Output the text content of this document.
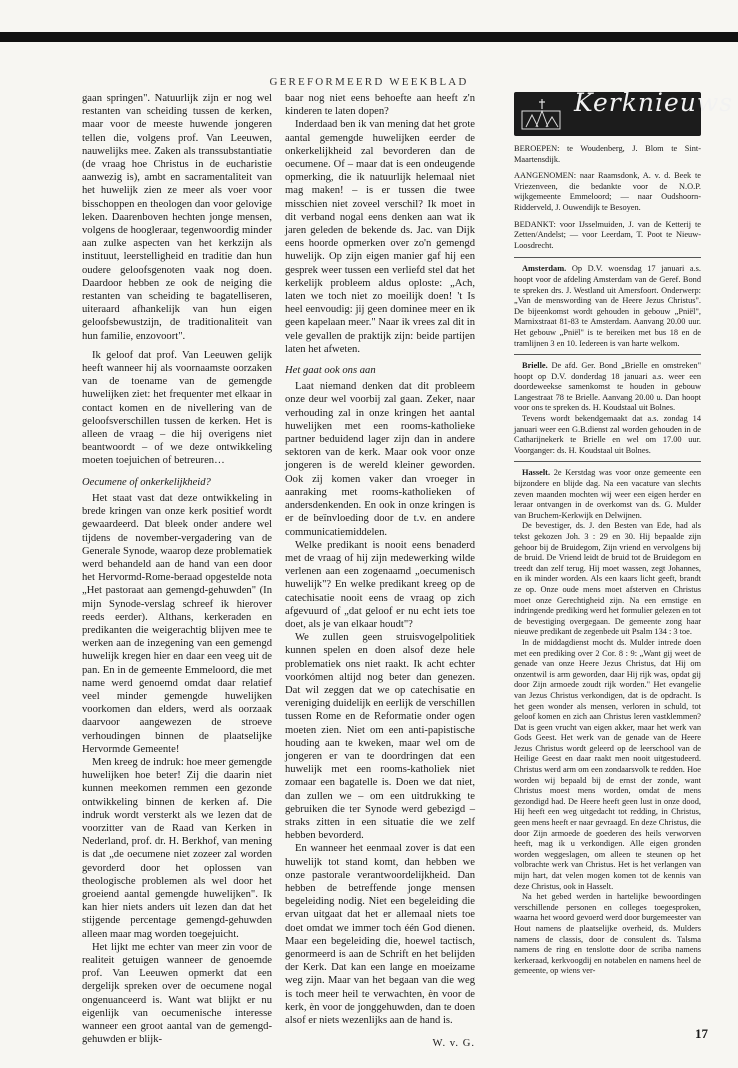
GEREFORMEERD WEEKBLAD

gaan springen". Natuurlijk zijn er nog wel restanten van scheiding tussen de kerken, maar voor de meeste huwende jongeren tellen die, volgens prof. Van Leeuwen, nauwelijks mee. Zaken als transsubstantiatie (de vraag hoe Christus in de eucharistie aanwezig is), ambt en sacramentaliteit van het huwelijk zien ze meer als voer voor bisschoppen en theologen dan voor gelovige leken. Daarenboven hechten jonge mensen, volgens de hoogleraar, tegenwoordig minder aan zulke aspecten van het kerkzijn als instituut, leerstelligheid en traditie dan hun oudere geloofsgenoten vaak nog doen. Daardoor hebben ze ook de neiging die restanten van scheiding te bagatelliseren, uiteraard afhankelijk van hun eigen geloofsbewustzijn, de traditionaliteit van hun familie, enzovoort".

Ik geloof dat prof. Van Leeuwen gelijk heeft wanneer hij als voornaamste oorzaken van de toename van de gemengde huwelijken ziet: het frequenter met elkaar in contact komen en de nivellering van de geloofsverschillen tussen de kerken. Het is alleen de vraag – die hij overigens niet beantwoordt – of we deze ontwikkeling moeten toejuichen of betreuren…

Oecumene of onkerkelijkheid?

Het staat vast dat deze ontwikkeling in brede kringen van onze kerk positief wordt gewaardeerd. Dat bleek onder andere wel tijdens de november-vergadering van de Generale Synode, waarop deze problematiek werd behandeld aan de hand van een door het Hervormd-Rome-beraad opgestelde nota „Het pastoraat aan gemengd-gehuwden" (In mijn Synode-verslag schreef ik hierover reeds eerder). Althans, kerkeraden en predikanten die weigerachtig blijven mee te werken aan de inzegening van een gemengd huwelijk kregen hier en daar een veeg uit de pan. En in de gemeente Emmeloord, die met name werd genoemd omdat daar relatief veel minder gemengde huwelijken voorkomen dan elders, werd als oorzaak daarvoor aangewezen de stroeve verhoudingen binnen de plaatselijke Hervormde Gemeente!

Men kreeg de indruk: hoe meer gemengde huwelijken hoe beter! Zij die daarin niet kunnen meekomen remmen een gezonde ontwikkeling binnen de kerken af. Die indruk wordt versterkt als we lezen dat de voorzitter van de Raad van Kerken in Nederland, prof. dr. H. Berkhof, van mening is dat „de oecumene niet zozeer zal worden gevorderd door het oplossen van theologische problemen als wel door het groeiend aantal gemengde huwelijken". Ik kan hier niets anders uit lezen dan dat het stijgende percentage gemengd-gehuwden alleen maar mag worden toegejuicht.

Het lijkt me echter van meer zin voor de realiteit getuigen wanneer de genoemde prof. Van Leeuwen opmerkt dat een dergelijk spreken over de oecumene nogal ongenuanceerd is. Want wat blijkt er nu eigenlijk van oecumenische interesse wanneer een groot aantal van de gemengd-gehuwden er blijk-

baar nog niet eens behoefte aan heeft z'n kinderen te laten dopen?

Inderdaad ben ik van mening dat het grote aantal gemengde huwelijken eerder de onkerkelijkheid zal bevorderen dan de oecumene. Of – maar dat is een ondeugende opmerking, die ik natuurlijk helemaal niet mag maken! – is er tussen die twee misschien niet zoveel verschil? Ik moet in dit verband nogal eens denken aan wat ik jaren geleden de bekende ds. Jac. van Dijk eens hoorde opmerken over zo'n gemengd huwelijk. Op zijn eigen manier gaf hij een gesprek weer tussen een verliefd stel dat het kerkelijk probleem aldus oploste: „Ach, laten we toch niet zo moeilijk doen! 't Is heel eenvoudig: jij geen dominee meer en ik geen kapelaan meer." Naar ik vrees zal dit in vele gevallen de praktijk zijn: beide partijen laten het afweten.

Het gaat ook ons aan

Laat niemand denken dat dit probleem onze deur wel voorbij zal gaan. Zeker, naar verhouding zal in onze kringen het aantal huwelijken met een rooms-katholieke partner beduidend lager zijn dan in andere sektoren van de kerk. Maar ook voor onze jongeren is de wereld kleiner geworden. Ook zij komen vaker dan vroeger in aanraking met rooms-katholieken of andersdenkenden. En ook in onze kringen is er de beïnvloeding door de t.v. en andere communicatiemiddelen.

Welke predikant is nooit eens benaderd met de vraag of hij zijn medewerking wilde verlenen aan een zogenaamd „oecumenisch huwelijk"? En welke predikant kreeg op de catechisatie nooit eens de vraag op zich afgevuurd of „dat geloof er nu echt iets toe doet, als je van elkaar houdt"?

We zullen geen struisvogelpolitiek kunnen spelen en doen alsof deze hele problematiek ons niet raakt. Ik acht echter voorkómen altijd nog beter dan genezen. Dat wil zeggen dat we op catechisatie en vereniging duidelijk en eerlijk de verschillen tussen Rome en de Reformatie onder ogen moeten zien. Niet om een anti-papistische houding aan te kweken, maar wel om de jongeren er van te doordringen dat een huwelijk met een rooms-katholiek niet zomaar een bagatelle is. Doen we dat niet, dan zullen we – om een uitdrukking te gebruiken die ter Synode werd gebezigd – straks zitten in een situatie die we zelf hebben bevorderd.

En wanneer het eenmaal zover is dat een huwelijk tot stand komt, dan hebben we onze pastorale verantwoordelijkheid. Dan hebben de betreffende jonge mensen begeleiding nodig. Niet een begeleiding die ervan uitgaat dat het er allemaal niets toe doet omdat we immer toch één God dienen. Maar een begeleiding die, hoewel tactisch, genormeerd is aan de Schrift en het belijden der Kerk. Dat kan een lange en moeizame weg zijn. Maar van het begaan van die weg is toch meer heil te verwachten, èn voor de kerk, èn voor de jonggehuwden, dan te doen alsof er niets wezenlijks aan de hand is.

W. v. G.

Kerknieuws

BEROEPEN: te Woudenberg, J. Blom te Sint-Maartensdijk.

AANGENOMEN: naar Raamsdonk, A. v. d. Beek te Vriezenveen, die bedankte voor de N.O.P. wijkgemeente Emmeloord; — naar Oudshoorn-Ridderveld, J. Ouwendijk te Besoyen.

BEDANKT: voor IJsselmuiden, J. van de Ketterij te Zetten/Andelst; — voor Leerdam, T. Poot te Nieuw-Loosdrecht.

Amsterdam. Op D.V. woensdag 17 januari a.s. hoopt voor de afdeling Amsterdam van de Geref. Bond te spreken drs. J. Westland uit Amersfoort. Onderwerp: „Van de menswording van de Heere Jezus Christus". De bijeenkomst wordt gehouden in gebouw „Pniël", Marnixstraat 81-83 te Amsterdam. Aanvang 20.00 uur. Het gebouw „Pniël" is te bereiken met bus 18 en de tramlijnen 3 en 10. Iedereen is van harte welkom.

Brielle. De afd. Ger. Bond „Brielle en omstreken" hoopt op D.V. donderdag 18 januari a.s. weer een doordeweekse samenkomst te houden in gebouw Langestraat 78 te Brielle. Aanvang 20.00 u. Dan hoopt voor ons te spreken ds. H. Koudstaal uit Bolnes.

Tevens wordt bekendgemaakt dat a.s. zondag 14 januari weer een G.B.dienst zal worden gehouden in de Catharijnekerk te Brielle en wel om 17.00 uur. Voorganger: ds. H. Koudstaal uit Bolnes.

Hasselt. 2e Kerstdag was voor onze gemeente een bijzondere en blijde dag. Na een vacature van slechts zeven maanden mochten wij weer een eigen herder en leraar ontvangen in de overkomst van ds. G. Mulder van Bruchem-Kerkwijk en Delwijnen.

De bevestiger, ds. J. den Besten van Ede, had als tekst gekozen Joh. 3 : 29 en 30. Hij bepaalde zijn gehoor bij de Bruidegom, Zijn vriend en vervolgens bij de bruid. De Vriend leidt de bruid tot de Bruidegom en treedt dan zelf terug. Hij moet wassen, zegt Johannes, en ik minder worden. Als een kaars licht geeft, brandt ze op. Onze oude mens moet afsterven en Christus moet onze Gerechtigheid zijn. Na een ernstige en indringende prediking werd het formulier gelezen en tot de bevestiging overgegaan. De gemeente zong haar nieuwe predikant de zegenbede uit Psalm 134 : 3 toe.

In de middagdienst mocht ds. Mulder intrede doen met een prediking over 2 Cor. 8 : 9: „Want gij weet de genade van onze Heere Jezus Christus, dat Hij om onzentwil is arm geworden, daar Hij rijk was, opdat gij door Zijn armoede zoudt rijk worden." Het evangelie van Jezus Christus verkondigen, dat is de opdracht. Is het geen wonder als mensen, verloren in schuld, tot geloof komen en zich aan Christus leren vastklemmen? Dat is geen vrucht van eigen akker, maar het werk van Gods Geest. Het werk van de genade van de Heere Jezus Christus wordt geleerd op de leerschool van de Heilige Geest en daar raakt men nooit uitgestudeerd. Christus werd arm om een zondaarsvolk te redden. Hoe worden wij bepaald bij de ernst der zonde, want Christus moest mens worden, omdat de mens gezondigd had. De Heere heeft geen lust in onze dood, Hij heeft een weg uitgedacht tot redding, in Christus, geen mens heeft er naar gevraagd. En deze Christus, die door Zijn armoede de goederen des heils verworven heeft, mag ik u verkondigen. Alle eigen gronden worden weggeslagen, om alleen te steunen op het volbrachte werk van Christus. Het is het verlangen van mijn hart, dat velen mogen komen tot de kennis van deze Christus, ook in Hasselt.

Na het gebed werden in hartelijke bewoordingen verschillende personen en colleges toegesproken, waarna het woord gevoerd werd door burgemeester van Hout namens de plaatselijke overheid, ds. Mulders namens de classis, door de consulent ds. Talsma namens de ring en tenslotte door de scriba namens kerkeraad, kerkvoogdij en notabelen en namens heel de gemeente, op wiens ver-

17
